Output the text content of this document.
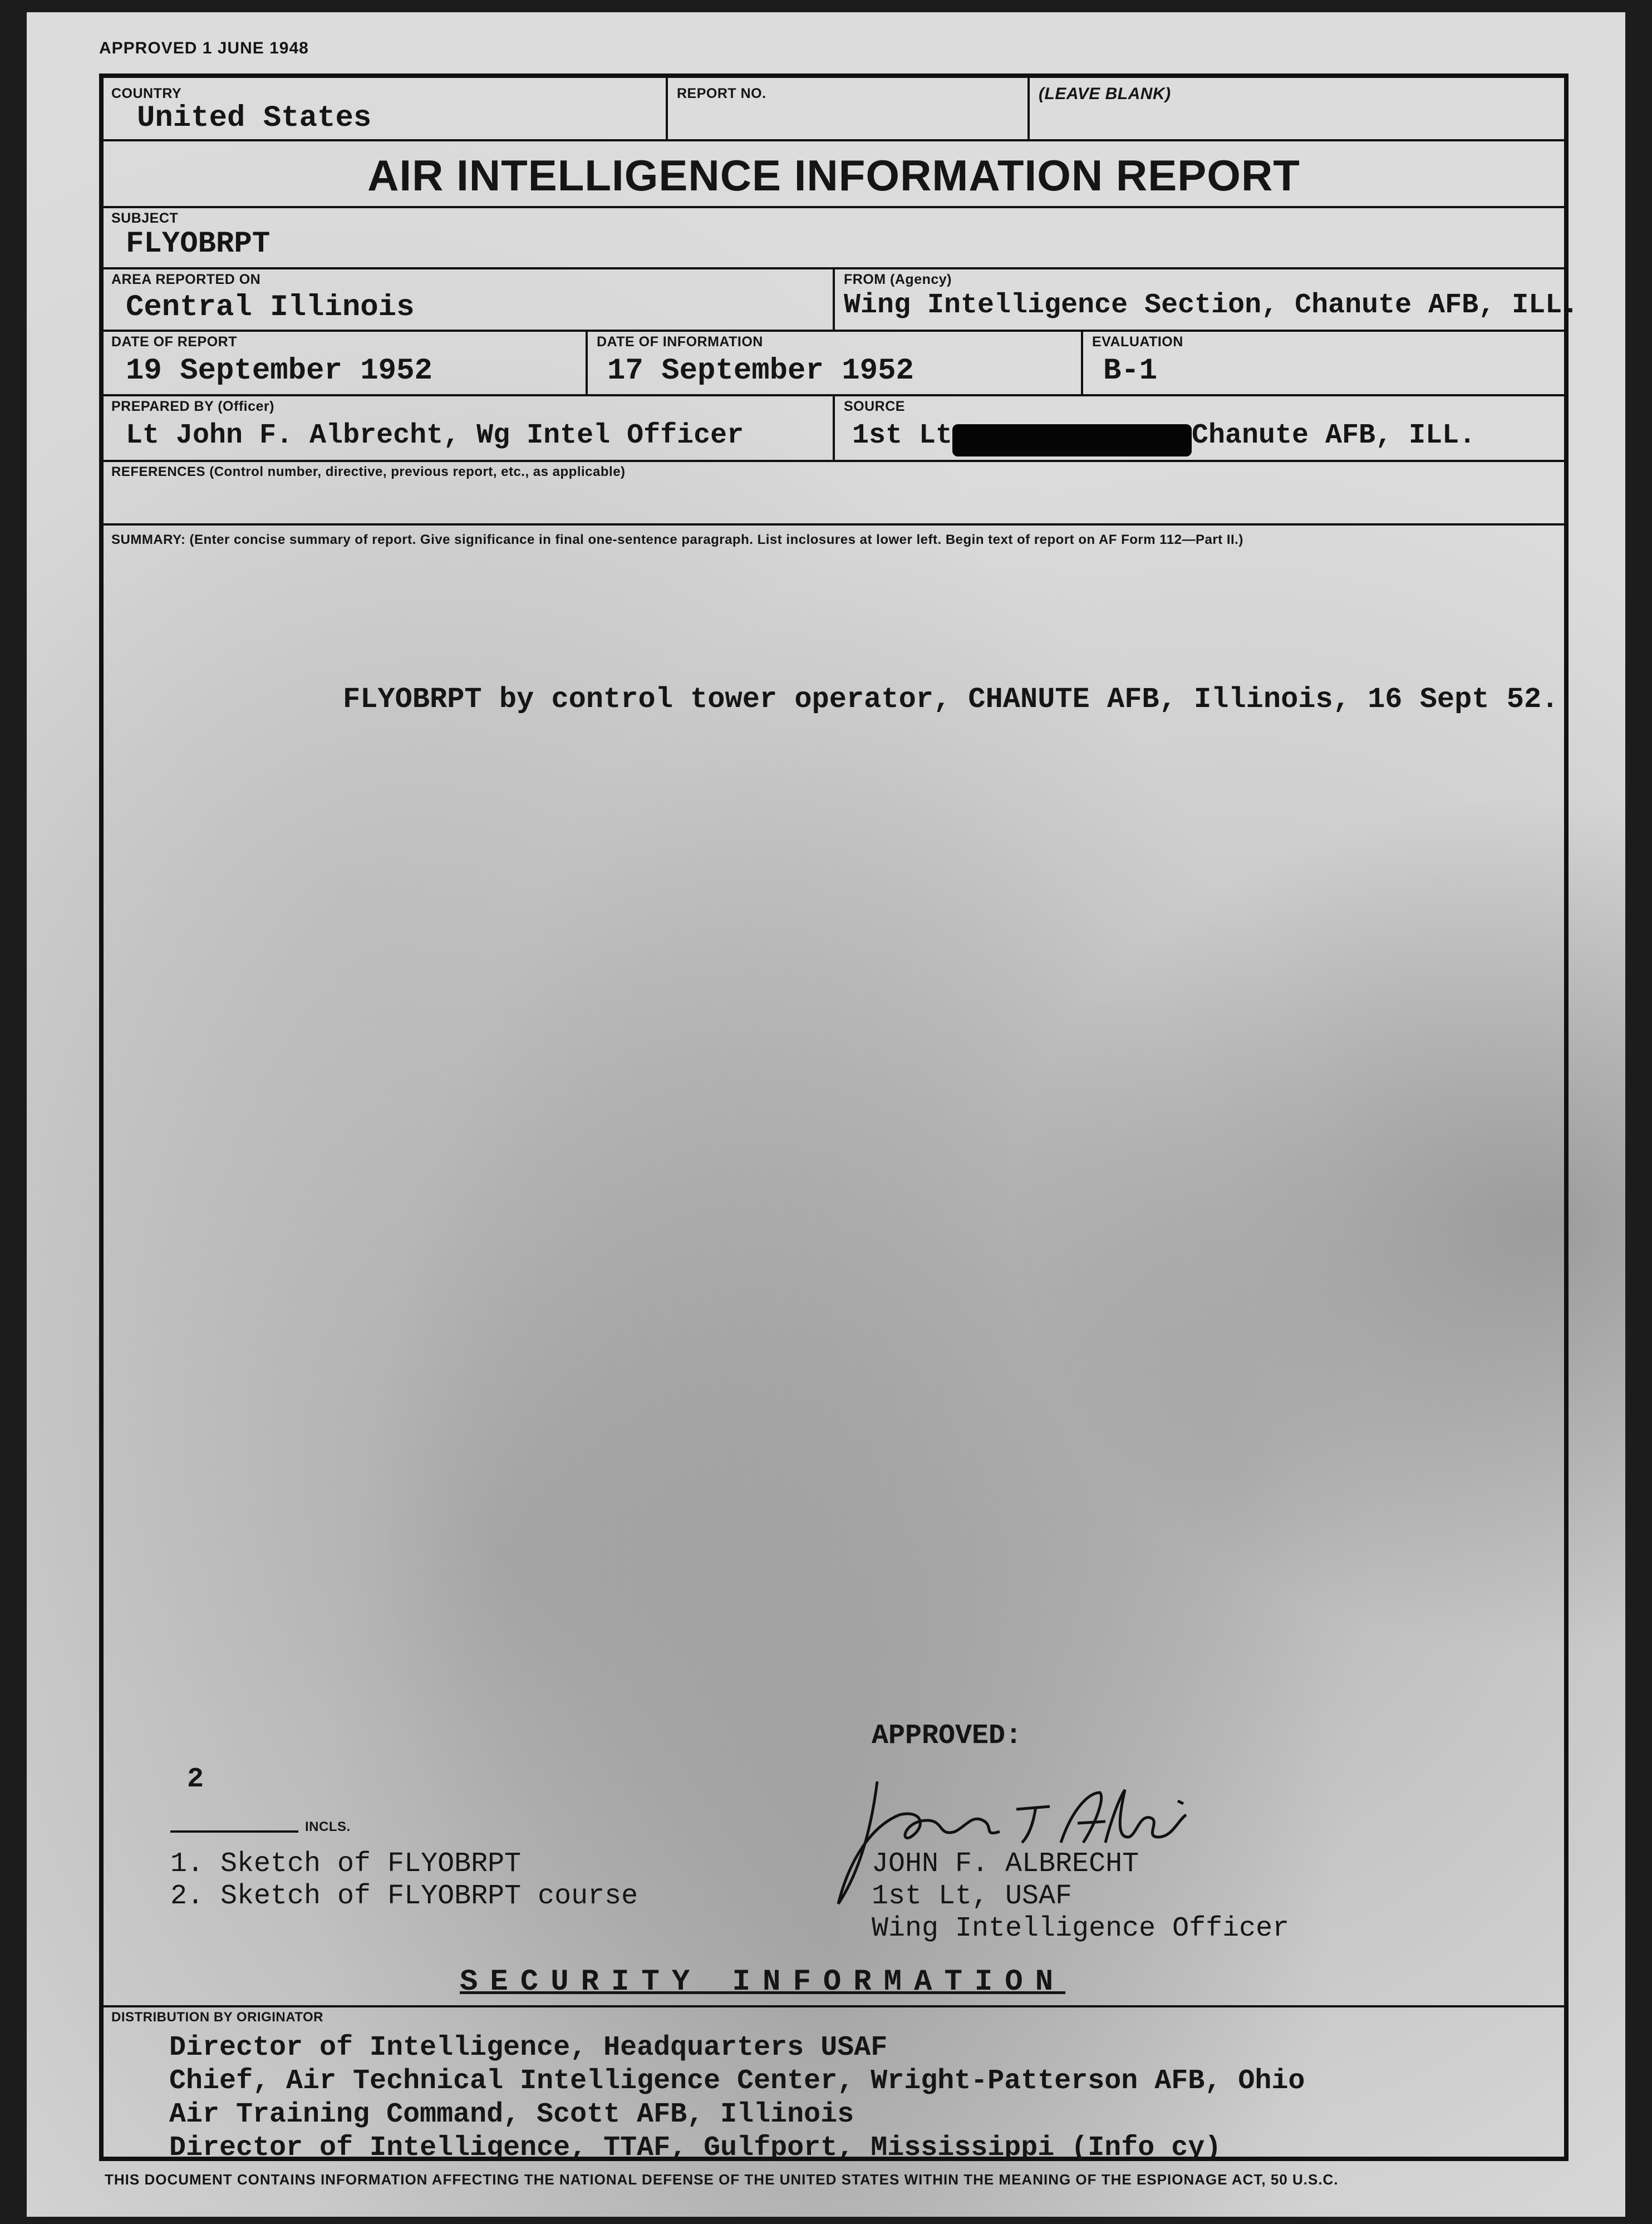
APPROVED 1 JUNE 1948
COUNTRY
United States
REPORT NO.	(LEAVE BLANK)
AIR INTELLIGENCE INFORMATION REPORT
SUBJECT
FLYOBRPT
AREA REPORTED ON
Central Illinois
FROM (Agency)
Wing Intelligence Section, Chanute AFB, ILL.
DATE OF REPORT
19 September 1952
DATE OF INFORMATION
17 September 1952
EVALUATION
B-1
PREPARED BY (Officer)
Lt John F. Albrecht, Wg Intel Officer
SOURCE
1st Lt	Chanute AFB, ILL.
REFERENCES (Control number, directive, previous report, etc., as applicable)
SUMMARY: (Enter concise summary of report. Give significance in final one-sentence paragraph. List inclosures at lower left. Begin text of report on AF Form 112—Part II.)
FLYOBRPT by control tower operator, CHANUTE AFB, Illinois, 16 Sept 52.
2
INCLS.
1. Sketch of FLYOBRPT
2. Sketch of FLYOBRPT course
APPROVED:
JOHN F. ALBRECHT
1st Lt, USAF
Wing Intelligence Officer
SECURITY INFORMATION
DISTRIBUTION BY ORIGINATOR
Director of Intelligence, Headquarters USAF
Chief, Air Technical Intelligence Center, Wright-Patterson AFB, Ohio
Air Training Command, Scott AFB, Illinois
Director of Intelligence, TTAF, Gulfport, Mississippi (Info cy)
THIS DOCUMENT CONTAINS INFORMATION AFFECTING THE NATIONAL DEFENSE OF THE UNITED STATES WITHIN THE MEANING OF THE ESPIONAGE ACT, 50 U.S.C.
